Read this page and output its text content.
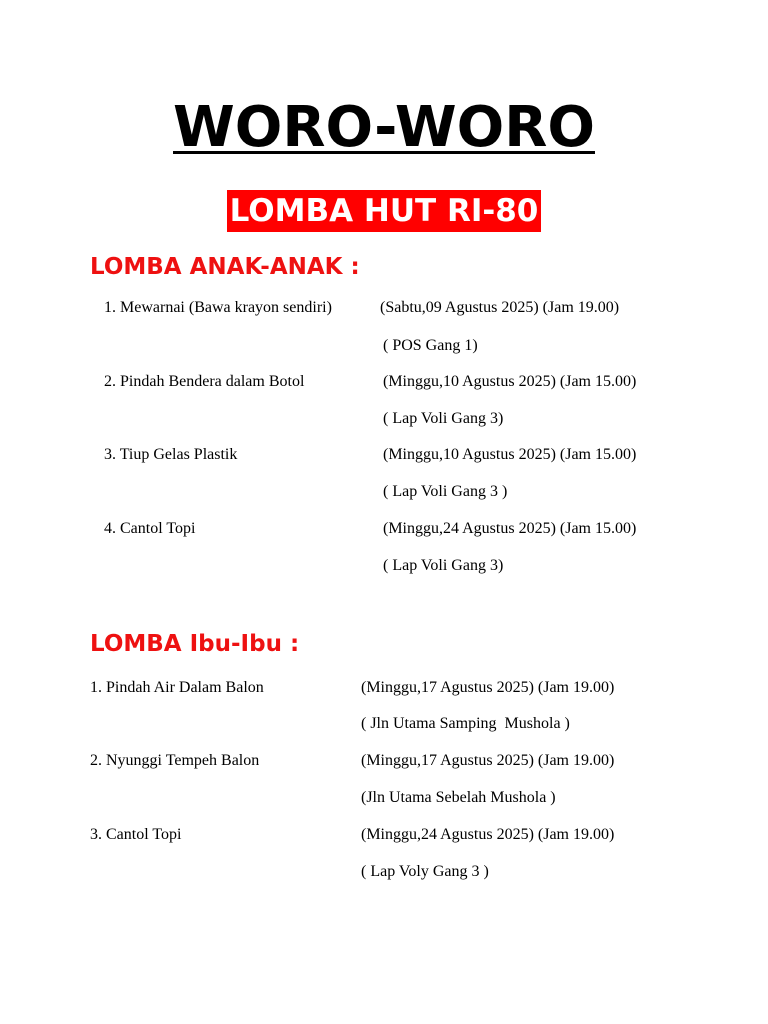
WORO-WORO
LOMBA HUT RI-80
LOMBA ANAK-ANAK :
1. Mewarnai (Bawa krayon sendiri)	(Sabtu,09 Agustus 2025) (Jam 19.00)
( POS Gang 1)
2. Pindah Bendera dalam Botol	(Minggu,10 Agustus 2025) (Jam 15.00)
( Lap Voli Gang 3)
3. Tiup Gelas Plastik	(Minggu,10 Agustus 2025) (Jam 15.00)
( Lap Voli Gang 3 )
4. Cantol Topi	(Minggu,24 Agustus 2025) (Jam 15.00)
( Lap Voli Gang 3)
LOMBA Ibu-Ibu :
1. Pindah Air Dalam Balon	(Minggu,17 Agustus 2025) (Jam 19.00)
( Jln Utama Samping  Mushola )
2. Nyunggi Tempeh Balon	(Minggu,17 Agustus 2025) (Jam 19.00)
(Jln Utama Sebelah Mushola )
3. Cantol Topi	(Minggu,24 Agustus 2025) (Jam 19.00)
( Lap Voly Gang 3 )
